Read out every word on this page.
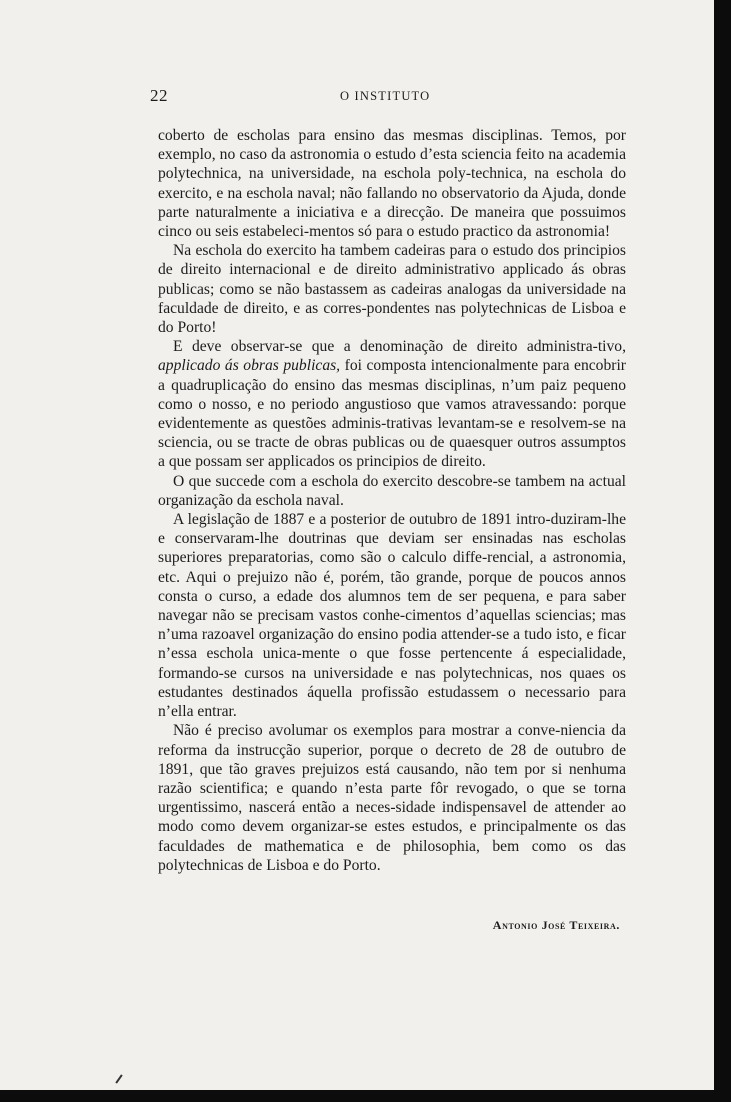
22	O INSTITUTO

coberto de escholas para ensino das mesmas disciplinas. Temos, por exemplo, no caso da astronomia o estudo d’esta sciencia feito na academia polytechnica, na universidade, na eschola poly-technica, na eschola do exercito, e na eschola naval; não fallando no observatorio da Ajuda, donde parte naturalmente a iniciativa e a direcção. De maneira que possuimos cinco ou seis estabeleci-mentos só para o estudo practico da astronomia!

Na eschola do exercito ha tambem cadeiras para o estudo dos principios de direito internacional e de direito administrativo applicado ás obras publicas; como se não bastassem as cadeiras analogas da universidade na faculdade de direito, e as corres-pondentes nas polytechnicas de Lisboa e do Porto!

E deve observar-se que a denominação de direito administra-tivo, applicado ás obras publicas, foi composta intencionalmente para encobrir a quadruplicação do ensino das mesmas disciplinas, n’um paiz pequeno como o nosso, e no periodo angustioso que vamos atravessando: porque evidentemente as questões adminis-trativas levantam-se e resolvem-se na sciencia, ou se tracte de obras publicas ou de quaesquer outros assumptos a que possam ser applicados os principios de direito.

O que succede com a eschola do exercito descobre-se tambem na actual organização da eschola naval.

A legislação de 1887 e a posterior de outubro de 1891 intro-duziram-lhe e conservaram-lhe doutrinas que deviam ser ensinadas nas escholas superiores preparatorias, como são o calculo diffe-rencial, a astronomia, etc. Aqui o prejuizo não é, porém, tão grande, porque de poucos annos consta o curso, a edade dos alumnos tem de ser pequena, e para saber navegar não se precisam vastos conhe-cimentos d’aquellas sciencias; mas n’uma razoavel organização do ensino podia attender-se a tudo isto, e ficar n’essa eschola unica-mente o que fosse pertencente á especialidade, formando-se cursos na universidade e nas polytechnicas, nos quaes os estudantes destinados áquella profissão estudassem o necessario para n’ella entrar.

Não é preciso avolumar os exemplos para mostrar a conve-niencia da reforma da instrucção superior, porque o decreto de 28 de outubro de 1891, que tão graves prejuizos está causando, não tem por si nenhuma razão scientifica; e quando n’esta parte fôr revogado, o que se torna urgentissimo, nascerá então a neces-sidade indispensavel de attender ao modo como devem organizar-se estes estudos, e principalmente os das faculdades de mathematica e de philosophia, bem como os das polytechnicas de Lisboa e do Porto.

Antonio José Teixeira.
